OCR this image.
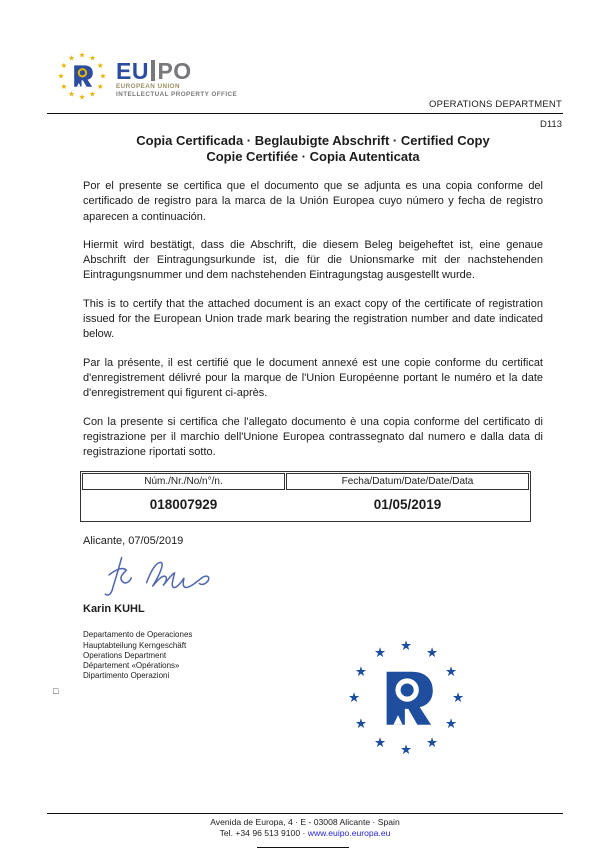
EU PO
EUROPEAN UNION
INTELLECTUAL PROPERTY OFFICE
OPERATIONS DEPARTMENT
D113
Copia Certificada · Beglaubigte Abschrift · Certified Copy
Copie Certifiée · Copia Autenticata

Por el presente se certifica que el documento que se adjunta es una copia conforme del certificado de registro para la marca de la Unión Europea cuyo número y fecha de registro aparecen a continuación.

Hiermit wird bestätigt, dass die Abschrift, die diesem Beleg beigeheftet ist, eine genaue Abschrift der Eintragungsurkunde ist, die für die Unionsmarke mit der nachstehenden Eintragungsnummer und dem nachstehenden Eintragungstag ausgestellt wurde.

This is to certify that the attached document is an exact copy of the certificate of registration issued for the European Union trade mark bearing the registration number and date indicated below.

Par la présente, il est certifié que le document annexé est une copie conforme du certificat d'enregistrement délivré pour la marque de l'Union Européenne portant le numéro et la date d'enregistrement qui figurent ci-après.

Con la presente si certifica che l'allegato documento è una copia conforme del certificato di registrazione per il marchio dell'Unione Europea contrassegnato dal numero e dalla data di registrazione riportati sotto.

Núm./Nr./No/n°/n.	Fecha/Datum/Date/Date/Data
018007929	01/05/2019
Alicante, 07/05/2019
Karin KUHL
Departamento de Operaciones
Hauptabteilung Kerngeschäft
Operations Department
Département «Opérations»
Dipartimento Operazioni
□
Avenida de Europa, 4 · E - 03008 Alicante · Spain
Tel. +34 96 513 9100 · www.euipo.europa.eu
